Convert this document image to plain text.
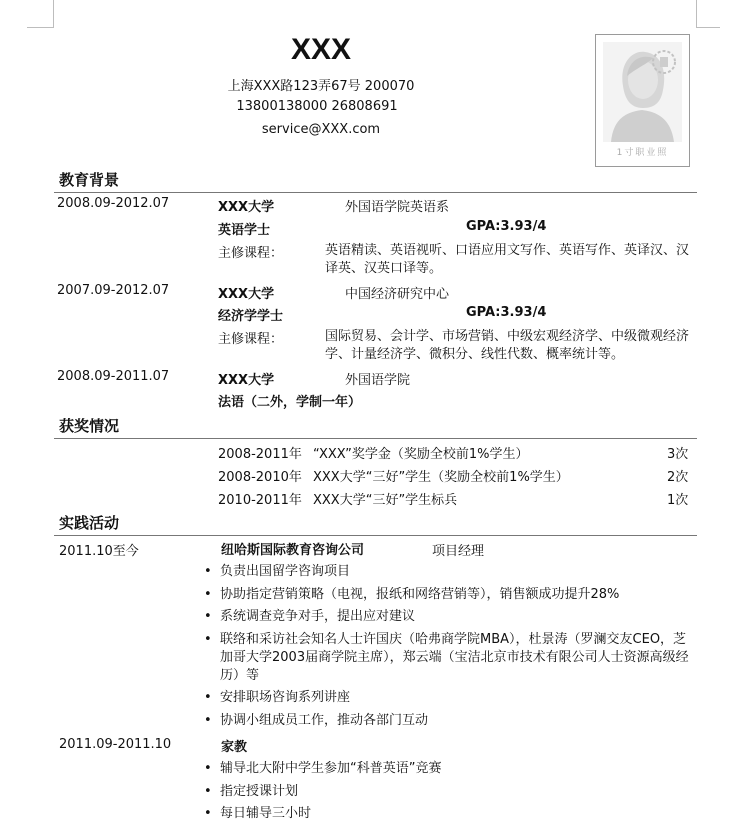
XXX
上海XXX路123弄67号 200070
13800138000 26808691
service@XXX.com
1寸职业照
教育背景
2008.09-2012.07	XXX大学	外国语学院英语系
英语学士	GPA:3.93/4
主修课程：	英语精读、英语视听、口语应用文写作、英语写作、英译汉、汉译英、汉英口译等。
2007.09-2012.07	XXX大学	中国经济研究中心
经济学学士	GPA:3.93/4
主修课程：	国际贸易、会计学、市场营销、中级宏观经济学、中级微观经济学、计量经济学、微积分、线性代数、概率统计等。
2008.09-2011.07	XXX大学	外国语学院
法语（二外，学制一年）
获奖情况
2008-2011年 “XXX”奖学金（奖励全校前1%学生）	3次
2008-2010年 XXX大学“三好”学生（奖励全校前1%学生）	2次
2010-2011年 XXX大学“三好”学生标兵	1次
实践活动
2011.10至今	纽哈斯国际教育咨询公司	项目经理
• 负责出国留学咨询项目
• 协助指定营销策略（电视，报纸和网络营销等），销售额成功提升28%
• 系统调查竞争对手，提出应对建议
• 联络和采访社会知名人士许国庆（哈弗商学院MBA），杜景涛（罗澜交友CEO，芝加哥大学2003届商学院主席），郑云端（宝洁北京市技术有限公司人士资源高级经历）等
• 安排职场咨询系列讲座
• 协调小组成员工作，推动各部门互动
2011.09-2011.10	家教
• 辅导北大附中学生参加“科普英语”竞赛
• 指定授课计划
• 每日辅导三小时
